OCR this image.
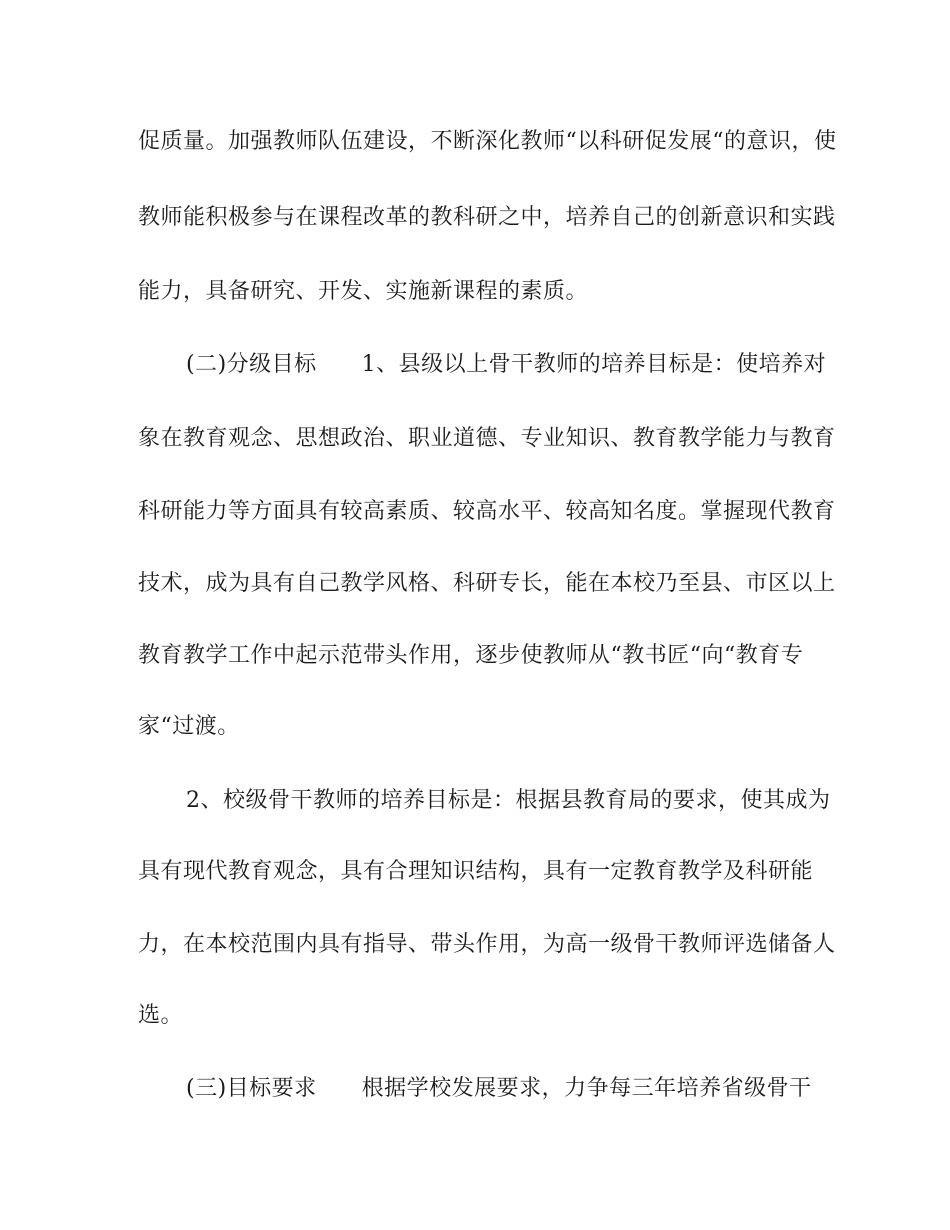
促质量。加强教师队伍建设，不断深化教师“以科研促发展“的意识，使
教师能积极参与在课程改革的教科研之中，培养自己的创新意识和实践
能力，具备研究、开发、实施新课程的素质。
(二)分级目标　　1、县级以上骨干教师的培养目标是：使培养对
象在教育观念、思想政治、职业道德、专业知识、教育教学能力与教育
科研能力等方面具有较高素质、较高水平、较高知名度。掌握现代教育
技术，成为具有自己教学风格、科研专长，能在本校乃至县、市区以上
教育教学工作中起示范带头作用，逐步使教师从“教书匠“向“教育专
家“过渡。
2、校级骨干教师的培养目标是：根据县教育局的要求，使其成为
具有现代教育观念，具有合理知识结构，具有一定教育教学及科研能
力，在本校范围内具有指导、带头作用，为高一级骨干教师评选储备人
选。
(三)目标要求　　根据学校发展要求，力争每三年培养省级骨干
